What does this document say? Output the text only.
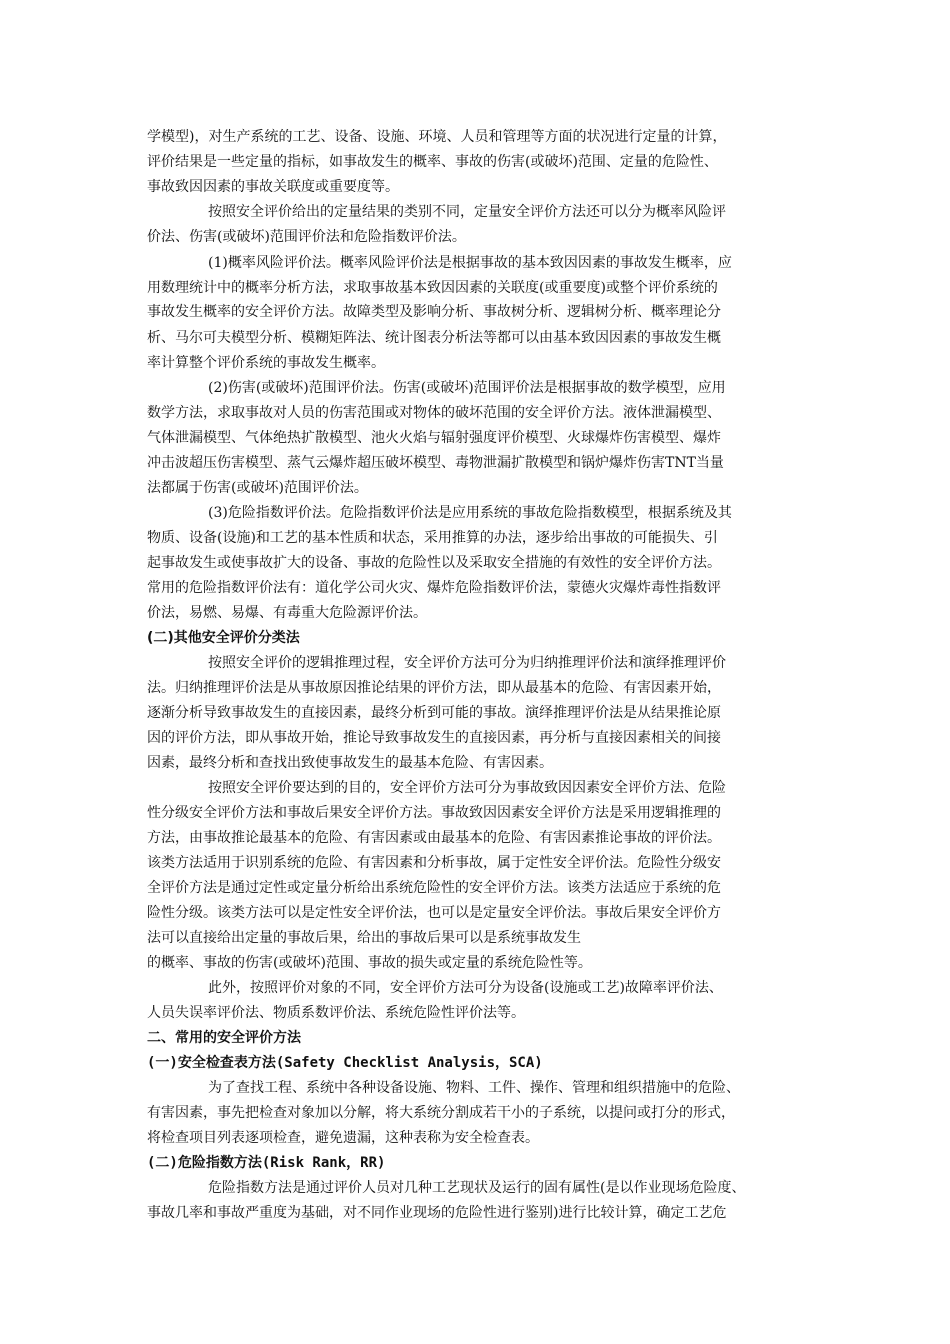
学模型)，对生产系统的工艺、设备、设施、环境、人员和管理等方面的状况进行定量的计算，
评价结果是一些定量的指标，如事故发生的概率、事故的伤害(或破坏)范围、定量的危险性、
事故致因因素的事故关联度或重要度等。
按照安全评价给出的定量结果的类别不同，定量安全评价方法还可以分为概率风险评
价法、伤害(或破坏)范围评价法和危险指数评价法。
(1)概率风险评价法。概率风险评价法是根据事故的基本致因因素的事故发生概率，应
用数理统计中的概率分析方法，求取事故基本致因因素的关联度(或重要度)或整个评价系统的
事故发生概率的安全评价方法。故障类型及影响分析、事故树分析、逻辑树分析、概率理论分
析、马尔可夫模型分析、模糊矩阵法、统计图表分析法等都可以由基本致因因素的事故发生概
率计算整个评价系统的事故发生概率。
(2)伤害(或破坏)范围评价法。伤害(或破坏)范围评价法是根据事故的数学模型，应用
数学方法，求取事故对人员的伤害范围或对物体的破坏范围的安全评价方法。液体泄漏模型、
气体泄漏模型、气体绝热扩散模型、池火火焰与辐射强度评价模型、火球爆炸伤害模型、爆炸
冲击波超压伤害模型、蒸气云爆炸超压破坏模型、毒物泄漏扩散模型和锅炉爆炸伤害TNT当量
法都属于伤害(或破坏)范围评价法。
(3)危险指数评价法。危险指数评价法是应用系统的事故危险指数模型，根据系统及其
物质、设备(设施)和工艺的基本性质和状态，采用推算的办法，逐步给出事故的可能损失、引
起事故发生或使事故扩大的设备、事故的危险性以及采取安全措施的有效性的安全评价方法。
常用的危险指数评价法有：道化学公司火灾、爆炸危险指数评价法，蒙德火灾爆炸毒性指数评
价法，易燃、易爆、有毒重大危险源评价法。
(二)其他安全评价分类法
按照安全评价的逻辑推理过程，安全评价方法可分为归纳推理评价法和演绎推理评价
法。归纳推理评价法是从事故原因推论结果的评价方法，即从最基本的危险、有害因素开始，
逐渐分析导致事故发生的直接因素，最终分析到可能的事故。演绎推理评价法是从结果推论原
因的评价方法，即从事故开始，推论导致事故发生的直接因素，再分析与直接因素相关的间接
因素，最终分析和查找出致使事故发生的最基本危险、有害因素。
按照安全评价要达到的目的，安全评价方法可分为事故致因因素安全评价方法、危险
性分级安全评价方法和事故后果安全评价方法。事故致因因素安全评价方法是采用逻辑推理的
方法，由事故推论最基本的危险、有害因素或由最基本的危险、有害因素推论事故的评价法。
该类方法适用于识别系统的危险、有害因素和分析事故，属于定性安全评价法。危险性分级安
全评价方法是通过定性或定量分析给出系统危险性的安全评价方法。该类方法适应于系统的危
险性分级。该类方法可以是定性安全评价法，也可以是定量安全评价法。事故后果安全评价方
法可以直接给出定量的事故后果，给出的事故后果可以是系统事故发生
的概率、事故的伤害(或破坏)范围、事故的损失或定量的系统危险性等。
此外，按照评价对象的不同，安全评价方法可分为设备(设施或工艺)故障率评价法、
人员失误率评价法、物质系数评价法、系统危险性评价法等。
二、常用的安全评价方法
(一)安全检查表方法(Safety Checklist Analysis，SCA)
为了查找工程、系统中各种设备设施、物料、工件、操作、管理和组织措施中的危险、
有害因素，事先把检查对象加以分解，将大系统分割成若干小的子系统，以提问或打分的形式，
将检查项目列表逐项检查，避免遗漏，这种表称为安全检查表。
(二)危险指数方法(Risk Rank，RR)
危险指数方法是通过评价人员对几种工艺现状及运行的固有属性(是以作业现场危险度、
事故几率和事故严重度为基础，对不同作业现场的危险性进行鉴别)进行比较计算，确定工艺危
